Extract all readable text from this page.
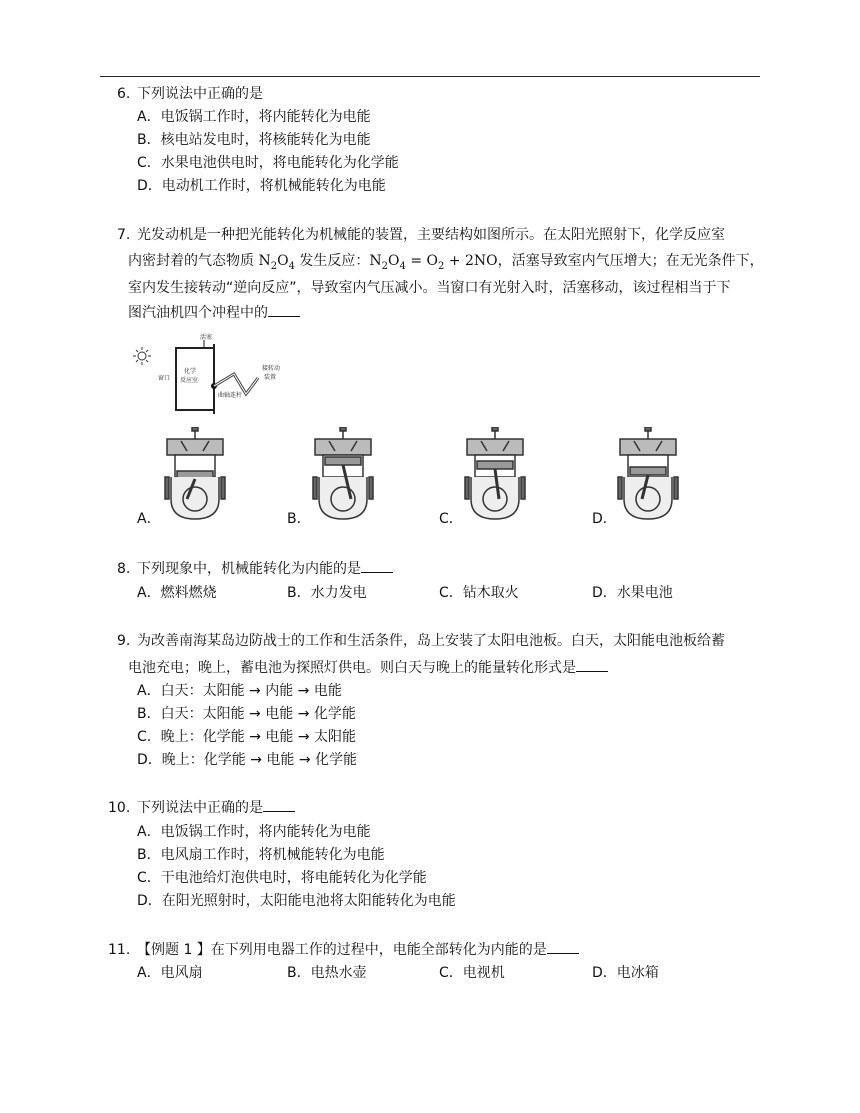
6. 下列说法中正确的是
A．电饭锅工作时，将内能转化为电能
B．核电站发电时，将核能转化为电能
C．水果电池供电时，将电能转化为化学能
D．电动机工作时，将机械能转化为电能
7. 光发动机是一种把光能转化为机械能的装置，主要结构如图所示。在太阳光照射下，化学反应室
内密封着的气态物质 $N_2O_4$ 发生反应：$N_2O_4 = O_2 + 2NO$，活塞导致室内气压增大；在无光条件下，
室内发生接转动“逆向反应”，导致室内气压减小。当窗口有光射入时，活塞移动，该过程相当于下
图汽油机四个冲程中的
活塞
窗口
化学
反应室
曲轴连杆
接转动
装置
A．	B．	C．	D．
8. 下列现象中，机械能转化为内能的是
A．燃料燃烧	B．水力发电	C．钻木取火	D．水果电池
9. 为改善南海某岛边防战士的工作和生活条件，岛上安装了太阳电池板。白天，太阳能电池板给蓄
电池充电；晚上，蓄电池为探照灯供电。则白天与晚上的能量转化形式是
A．白天：太阳能 → 内能 → 电能
B．白天：太阳能 → 电能 → 化学能
C．晚上：化学能 → 电能 → 太阳能
D．晚上：化学能 → 电能 → 化学能
10. 下列说法中正确的是
A．电饭锅工作时，将内能转化为电能
B．电风扇工作时，将机械能转化为电能
C．干电池给灯泡供电时，将电能转化为化学能
D．在阳光照射时，太阳能电池将太阳能转化为电能
11. 【例题 1 】在下列用电器工作的过程中，电能全部转化为内能的是
A．电风扇	B．电热水壶	C．电视机	D．电冰箱
